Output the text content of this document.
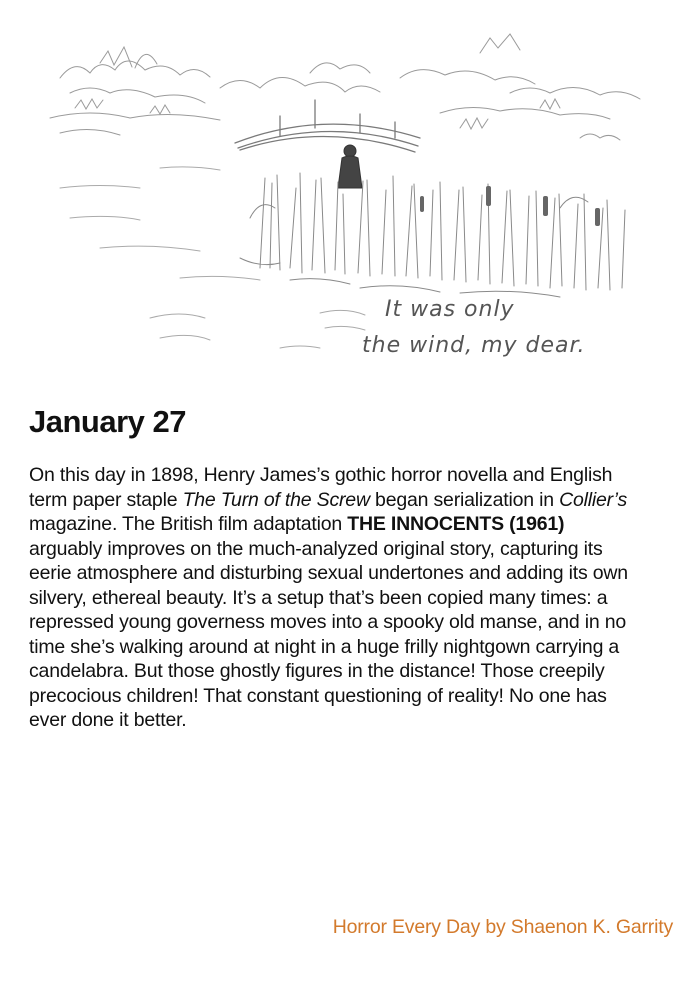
It was only
the wind, my dear.
January 27

On this day in 1898, Henry James’s gothic horror novella and English term paper staple The Turn of the Screw began serialization in Collier’s magazine. The British film adaptation THE INNOCENTS (1961) arguably improves on the much-analyzed original story, capturing its eerie atmosphere and disturbing sexual undertones and adding its own silvery, ethereal beauty. It’s a setup that’s been copied many times: a repressed young governess moves into a spooky old manse, and in no time she’s walking around at night in a huge frilly nightgown carrying a candelabra. But those ghostly figures in the distance! Those creepily precocious children! That constant questioning of reality! No one has ever done it better.

Horror Every Day by Shaenon K. Garrity
